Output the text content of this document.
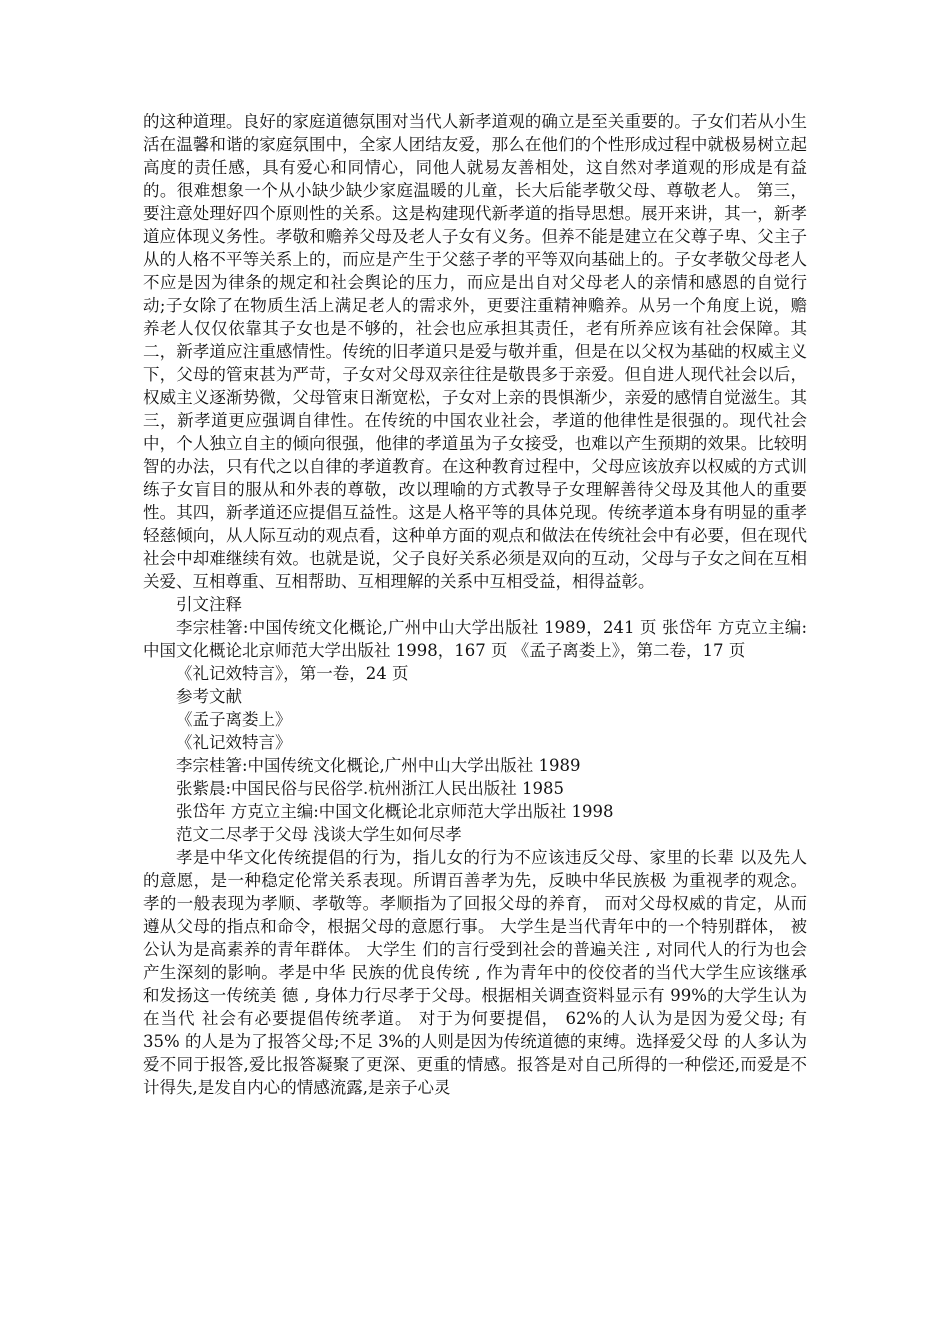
的这种道理。良好的家庭道德氛围对当代人新孝道观的确立是至关重要的。子女们若从小生活在温馨和谐的家庭氛围中，全家人团结友爱，那么在他们的个性形成过程中就极易树立起高度的责任感，具有爱心和同情心，同他人就易友善相处，这自然对孝道观的形成是有益的。很难想象一个从小缺少缺少家庭温暖的儿童，长大后能孝敬父母、尊敬老人。 第三，要注意处理好四个原则性的关系。这是构建现代新孝道的指导思想。展开来讲，其一，新孝道应体现义务性。孝敬和赡养父母及老人子女有义务。但养不能是建立在父尊子卑、父主子从的人格不平等关系上的，而应是产生于父慈子孝的平等双向基础上的。子女孝敬父母老人不应是因为律条的规定和社会舆论的压力，而应是出自对父母老人的亲情和感恩的自觉行动;子女除了在物质生活上满足老人的需求外，更要注重精神赡养。从另一个角度上说，赡养老人仅仅依靠其子女也是不够的，社会也应承担其责任，老有所养应该有社会保障。其二，新孝道应注重感情性。传统的旧孝道只是爱与敬并重，但是在以父权为基础的权威主义下，父母的管束甚为严苛，子女对父母双亲往往是敬畏多于亲爱。但自进人现代社会以后，权威主义逐渐势微，父母管束日渐宽松，子女对上亲的畏惧渐少，亲爱的感情自觉滋生。其三，新孝道更应强调自律性。在传统的中国农业社会，孝道的他律性是很强的。现代社会中，个人独立自主的倾向很强，他律的孝道虽为子女接受，也难以产生预期的效果。比较明智的办法，只有代之以自律的孝道教育。在这种教育过程中，父母应该放弃以权威的方式训练子女盲目的服从和外表的尊敬，改以理喻的方式教导子女理解善待父母及其他人的重要性。其四，新孝道还应提倡互益性。这是人格平等的具体兑现。传统孝道本身有明显的重孝轻慈倾向，从人际互动的观点看，这种单方面的观点和做法在传统社会中有必要，但在现代社会中却难继续有效。也就是说，父子良好关系必须是双向的互动，父母与子女之间在互相关爱、互相尊重、互相帮助、互相理解的关系中互相受益，相得益彰。

引文注释

李宗桂箸:中国传统文化概论,广州中山大学出版社 1989，241 页 张岱年 方克立主编:中国文化概论北京师范大学出版社 1998，167 页 《孟子离娄上》，第二卷，17 页

《礼记效特言》，第一卷，24 页

参考文献

《孟子离娄上》

《礼记效特言》

李宗桂箸:中国传统文化概论,广州中山大学出版社 1989

张紫晨:中国民俗与民俗学.杭州浙江人民出版社 1985

张岱年 方克立主编:中国文化概论北京师范大学出版社 1998

范文二尽孝于父母 浅谈大学生如何尽孝

孝是中华文化传统提倡的行为，指儿女的行为不应该违反父母、家里的长辈 以及先人的意愿，是一种稳定伦常关系表现。所谓百善孝为先，反映中华民族极 为重视孝的观念。孝的一般表现为孝顺、孝敬等。孝顺指为了回报父母的养育， 而对父母权威的肯定，从而遵从父母的指点和命令，根据父母的意愿行事。 大学生是当代青年中的一个特别群体， 被公认为是高素养的青年群体。 大学生 们的言行受到社会的普遍关注 , 对同代人的行为也会产生深刻的影响。孝是中华 民族的优良传统 , 作为青年中的佼佼者的当代大学生应该继承和发扬这一传统美 德 , 身体力行尽孝于父母。根据相关调查资料显示有 99%的大学生认为在当代 社会有必要提倡传统孝道。 对于为何要提倡， 62%的人认为是因为爱父母; 有 35% 的人是为了报答父母;不足 3%的人则是因为传统道德的束缚。选择爱父母 的人多认为爱不同于报答,爱比报答凝聚了更深、更重的情感。报答是对自己所得的一种偿还,而爱是不计得失,是发自内心的情感流露,是亲子心灵
